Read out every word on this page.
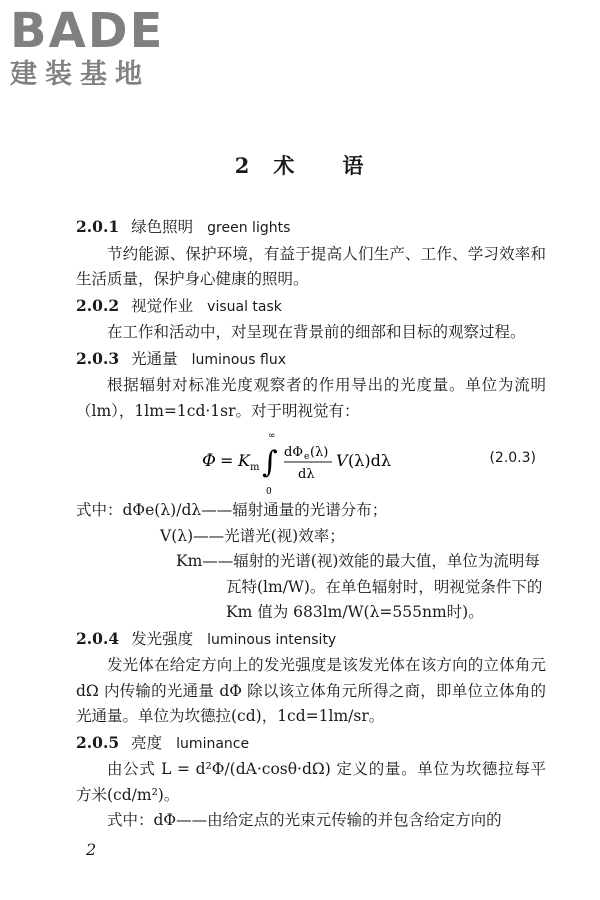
BADE
建装基地
2 术 语

2.0.1 绿色照明 green lights

节约能源、保护环境，有益于提高人们生产、工作、学习效率和生活质量，保护身心健康的照明。

2.0.2 视觉作业 visual task

在工作和活动中，对呈现在背景前的细部和目标的观察过程。

2.0.3 光通量 luminous flux

根据辐射对标准光度观察者的作用导出的光度量。单位为流明（lm），1lm=1cd·1sr。对于明视觉有：

Φ = K m ∫
∞
0
dΦ e (λ)
dλ
V (λ)dλ	(2.0.3)

式中：dΦe(λ)/dλ——辐射通量的光谱分布；

V(λ)——光谱光(视)效率；

Km——辐射的光谱(视)效能的最大值，单位为流明每瓦特(lm/W)。在单色辐射时，明视觉条件下的 Km 值为 683lm/W(λ=555nm时)。

2.0.4 发光强度 luminous intensity

发光体在给定方向上的发光强度是该发光体在该方向的立体角元 dΩ 内传输的光通量 dΦ 除以该立体角元所得之商，即单位立体角的光通量。单位为坎德拉(cd)，1cd=1lm/sr。

2.0.5 亮度 luminance

由公式 L = d²Φ/(dA·cosθ·dΩ) 定义的量。单位为坎德拉每平方米(cd/m²)。

式中：dΦ——由给定点的光束元传输的并包含给定方向的

2
